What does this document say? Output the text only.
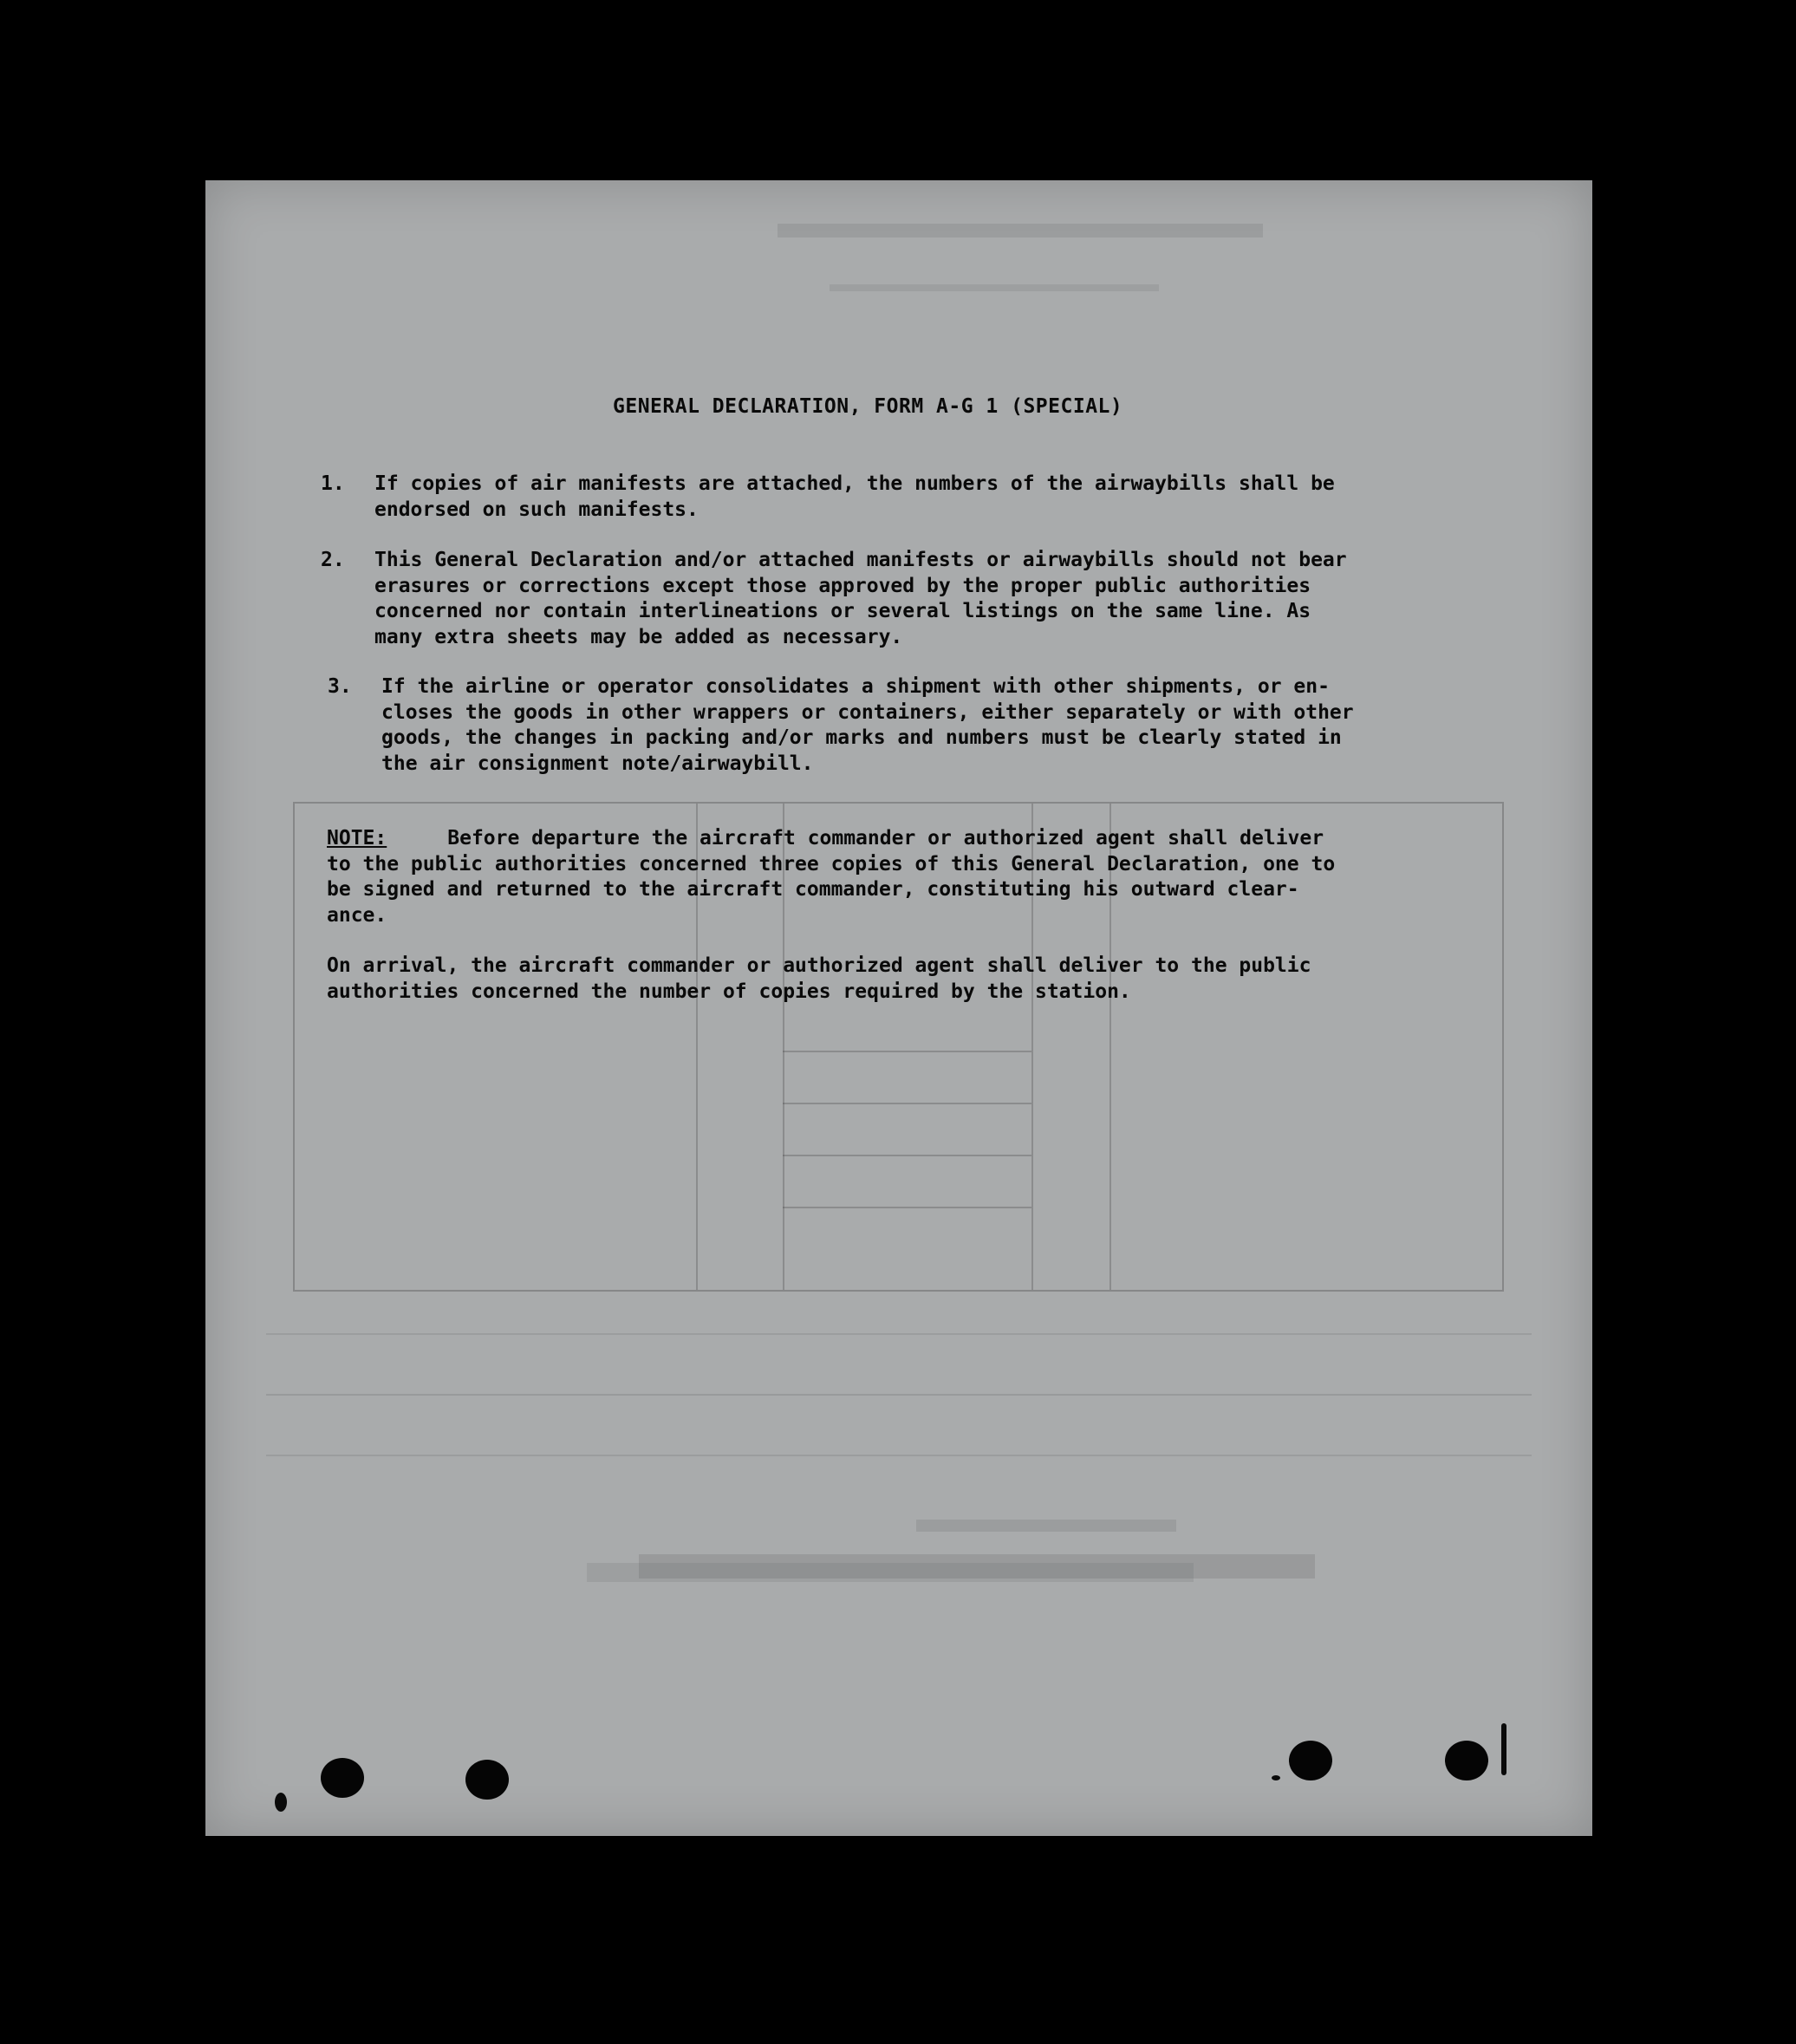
GENERAL DECLARATION, FORM A-G 1 (SPECIAL)
1. If copies of air manifests are attached, the numbers of the airwaybills shall be
endorsed on such manifests.
2. This General Declaration and/or attached manifests or airwaybills should not bear
erasures or corrections except those approved by the proper public authorities
concerned nor contain interlineations or several listings on the same line. As
many extra sheets may be added as necessary.
3. If the airline or operator consolidates a shipment with other shipments, or en-
closes the goods in other wrappers or containers, either separately or with other
goods, the changes in packing and/or marks and numbers must be clearly stated in
the air consignment note/airwaybill.
NOTE:	Before departure the aircraft commander or authorized agent shall deliver
to the public authorities concerned three copies of this General Declaration, one to
be signed and returned to the aircraft commander, constituting his outward clear-
ance.
On arrival, the aircraft commander or authorized agent shall deliver to the public
authorities concerned the number of copies required by the station.
